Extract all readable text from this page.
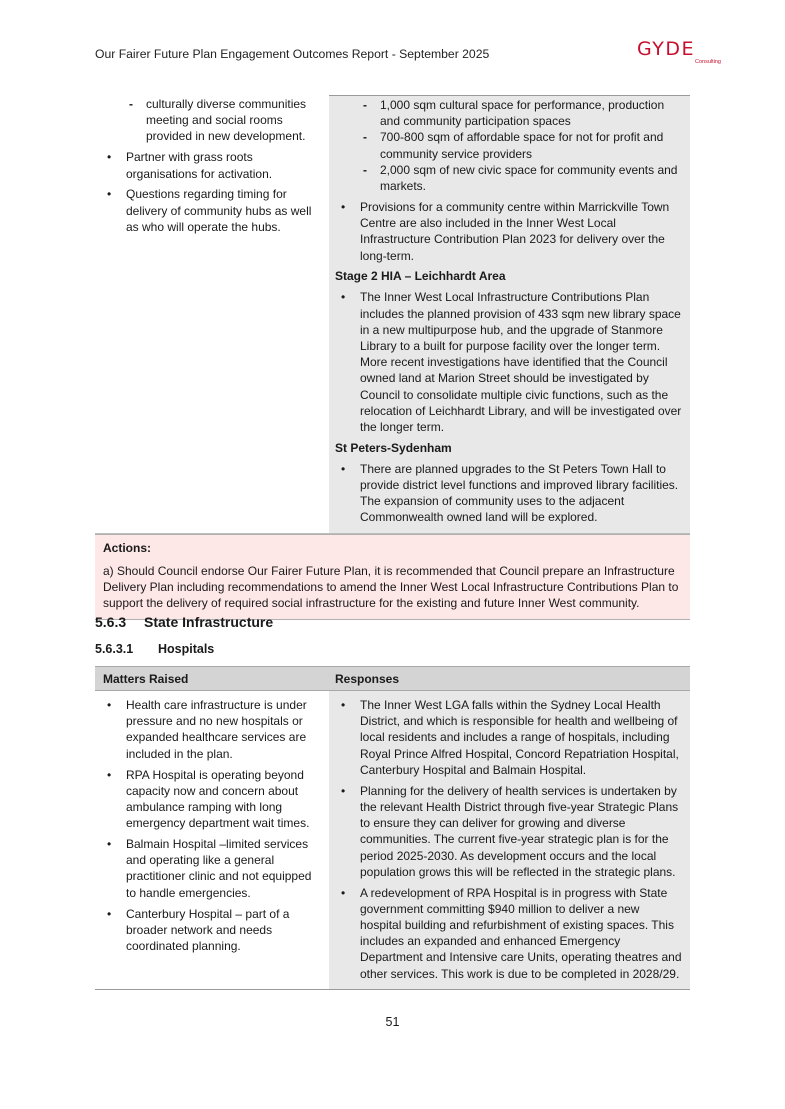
Our Fairer Future Plan Engagement Outcomes Report - September 2025	GYDE
Consulting
- culturally diverse communities meeting and social rooms provided in new development.
• Partner with grass roots organisations for activation.
• Questions regarding timing for delivery of community hubs as well as who will operate the hubs.
- 1,000 sqm cultural space for performance, production and community participation spaces
- 700-800 sqm of affordable space for not for profit and community service providers
- 2,000 sqm of new civic space for community events and markets.
• Provisions for a community centre within Marrickville Town Centre are also included in the Inner West Local Infrastructure Contribution Plan 2023 for delivery over the long-term.
Stage 2 HIA – Leichhardt Area
• The Inner West Local Infrastructure Contributions Plan includes the planned provision of 433 sqm new library space in a new multipurpose hub, and the upgrade of Stanmore Library to a built for purpose facility over the longer term. More recent investigations have identified that the Council owned land at Marion Street should be investigated by Council to consolidate multiple civic functions, such as the relocation of Leichhardt Library, and will be investigated over the longer term.
St Peters-Sydenham
• There are planned upgrades to the St Peters Town Hall to provide district level functions and improved library facilities. The expansion of community uses to the adjacent Commonwealth owned land will be explored.
Actions:
a) Should Council endorse Our Fairer Future Plan, it is recommended that Council prepare an Infrastructure Delivery Plan including recommendations to amend the Inner West Local Infrastructure Contributions Plan to support the delivery of required social infrastructure for the existing and future Inner West community.
5.6.3 State Infrastructure
5.6.3.1 Hospitals
Matters Raised	Responses
• Health care infrastructure is under pressure and no new hospitals or expanded healthcare services are included in the plan.
• RPA Hospital is operating beyond capacity now and concern about ambulance ramping with long emergency department wait times.
• Balmain Hospital –limited services and operating like a general practitioner clinic and not equipped to handle emergencies.
• Canterbury Hospital – part of a broader network and needs coordinated planning.
• The Inner West LGA falls within the Sydney Local Health District, and which is responsible for health and wellbeing of local residents and includes a range of hospitals, including Royal Prince Alfred Hospital, Concord Repatriation Hospital, Canterbury Hospital and Balmain Hospital.
• Planning for the delivery of health services is undertaken by the relevant Health District through five-year Strategic Plans to ensure they can deliver for growing and diverse communities. The current five-year strategic plan is for the period 2025-2030. As development occurs and the local population grows this will be reflected in the strategic plans.
• A redevelopment of RPA Hospital is in progress with State government committing $940 million to deliver a new hospital building and refurbishment of existing spaces. This includes an expanded and enhanced Emergency Department and Intensive care Units, operating theatres and other services. This work is due to be completed in 2028/29.
51
